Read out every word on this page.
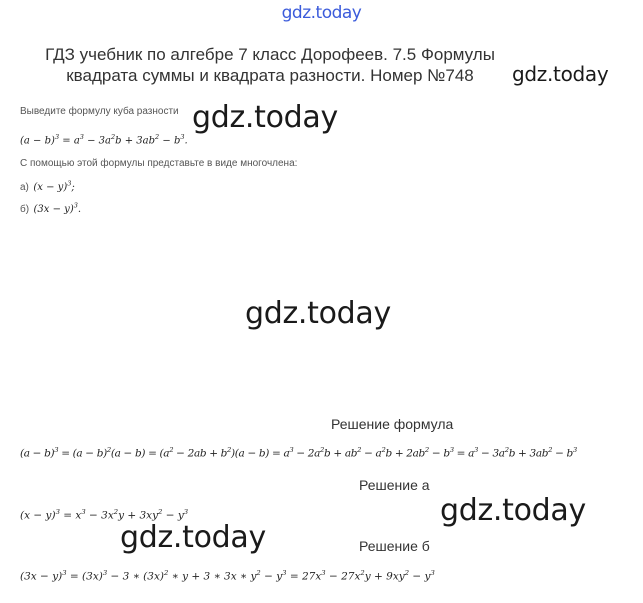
gdz.today
ГДЗ учебник по алгебре 7 класс Дорофеев. 7.5 Формулы квадрата суммы и квадрата разности. Номер №748	gdz.today
Выведите формулу куба разности gdz.today
$(a - b)^3 = a^3 - 3a^2b + 3ab^2 - b^3$.
С помощью этой формулы представьте в виде многочлена:
а) $(x - y)^3$;
б) $(3x - y)^3$.
gdz.today
Решение формула
$(a - b)^3 = (a - b)^2(a - b) = (a^2 - 2ab + b^2)(a - b) = a^3 - 2a^2b + ab^2 - a^2b + 2ab^2 - b^3 = a^3 - 3a^2b + 3ab^2 - b^3$
Решение а
$(x - y)^3 = x^3 - 3x^2y + 3xy^2 - y^3$	gdz.today
gdz.today	Решение б
$(3x - y)^3 = (3x)^3 - 3$ ∗ $(3x)^2$ ∗ y + 3 ∗ 3x ∗ $y^2 - y^3 = 27x^3 - 27x^2y + 9xy^2 - y^3$
